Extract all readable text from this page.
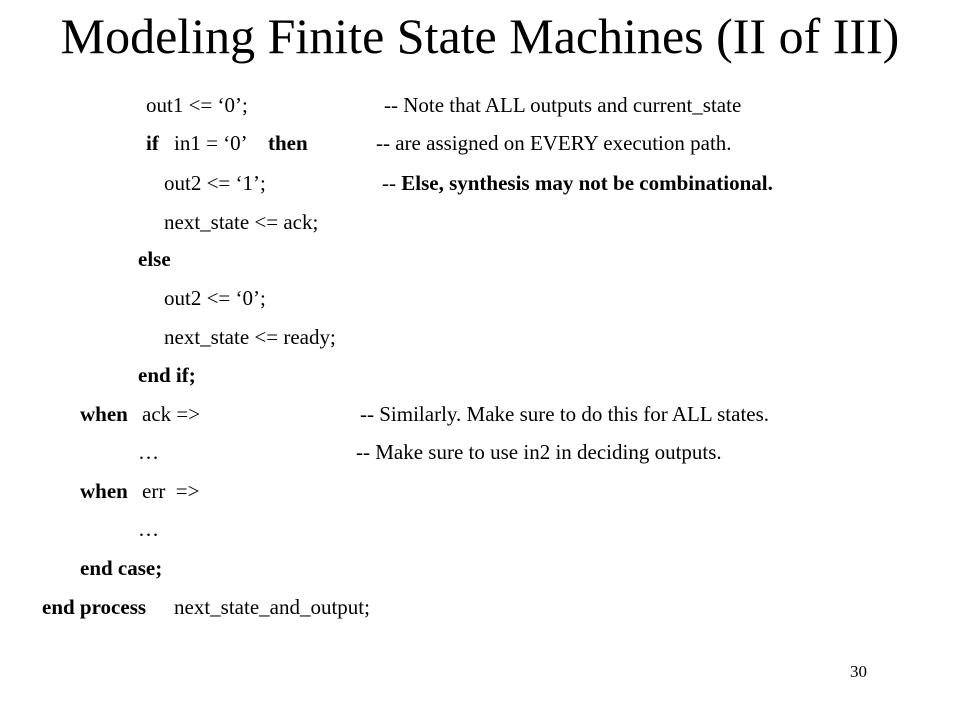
Modeling Finite State Machines (II of III)
out1 <= ‘0’;	-- Note that ALL outputs and current_state
if in1 = ‘0’ then	-- are assigned on EVERY execution path.
out2 <= ‘1’;	-- Else, synthesis may not be combinational.
next_state <= ack;
else
out2 <= ‘0’;
next_state <= ready;
end if;
when ack =>	-- Similarly. Make sure to do this for ALL states.
…	-- Make sure to use in2 in deciding outputs.
when err  =>
…
end case;
end process next_state_and_output;
30
